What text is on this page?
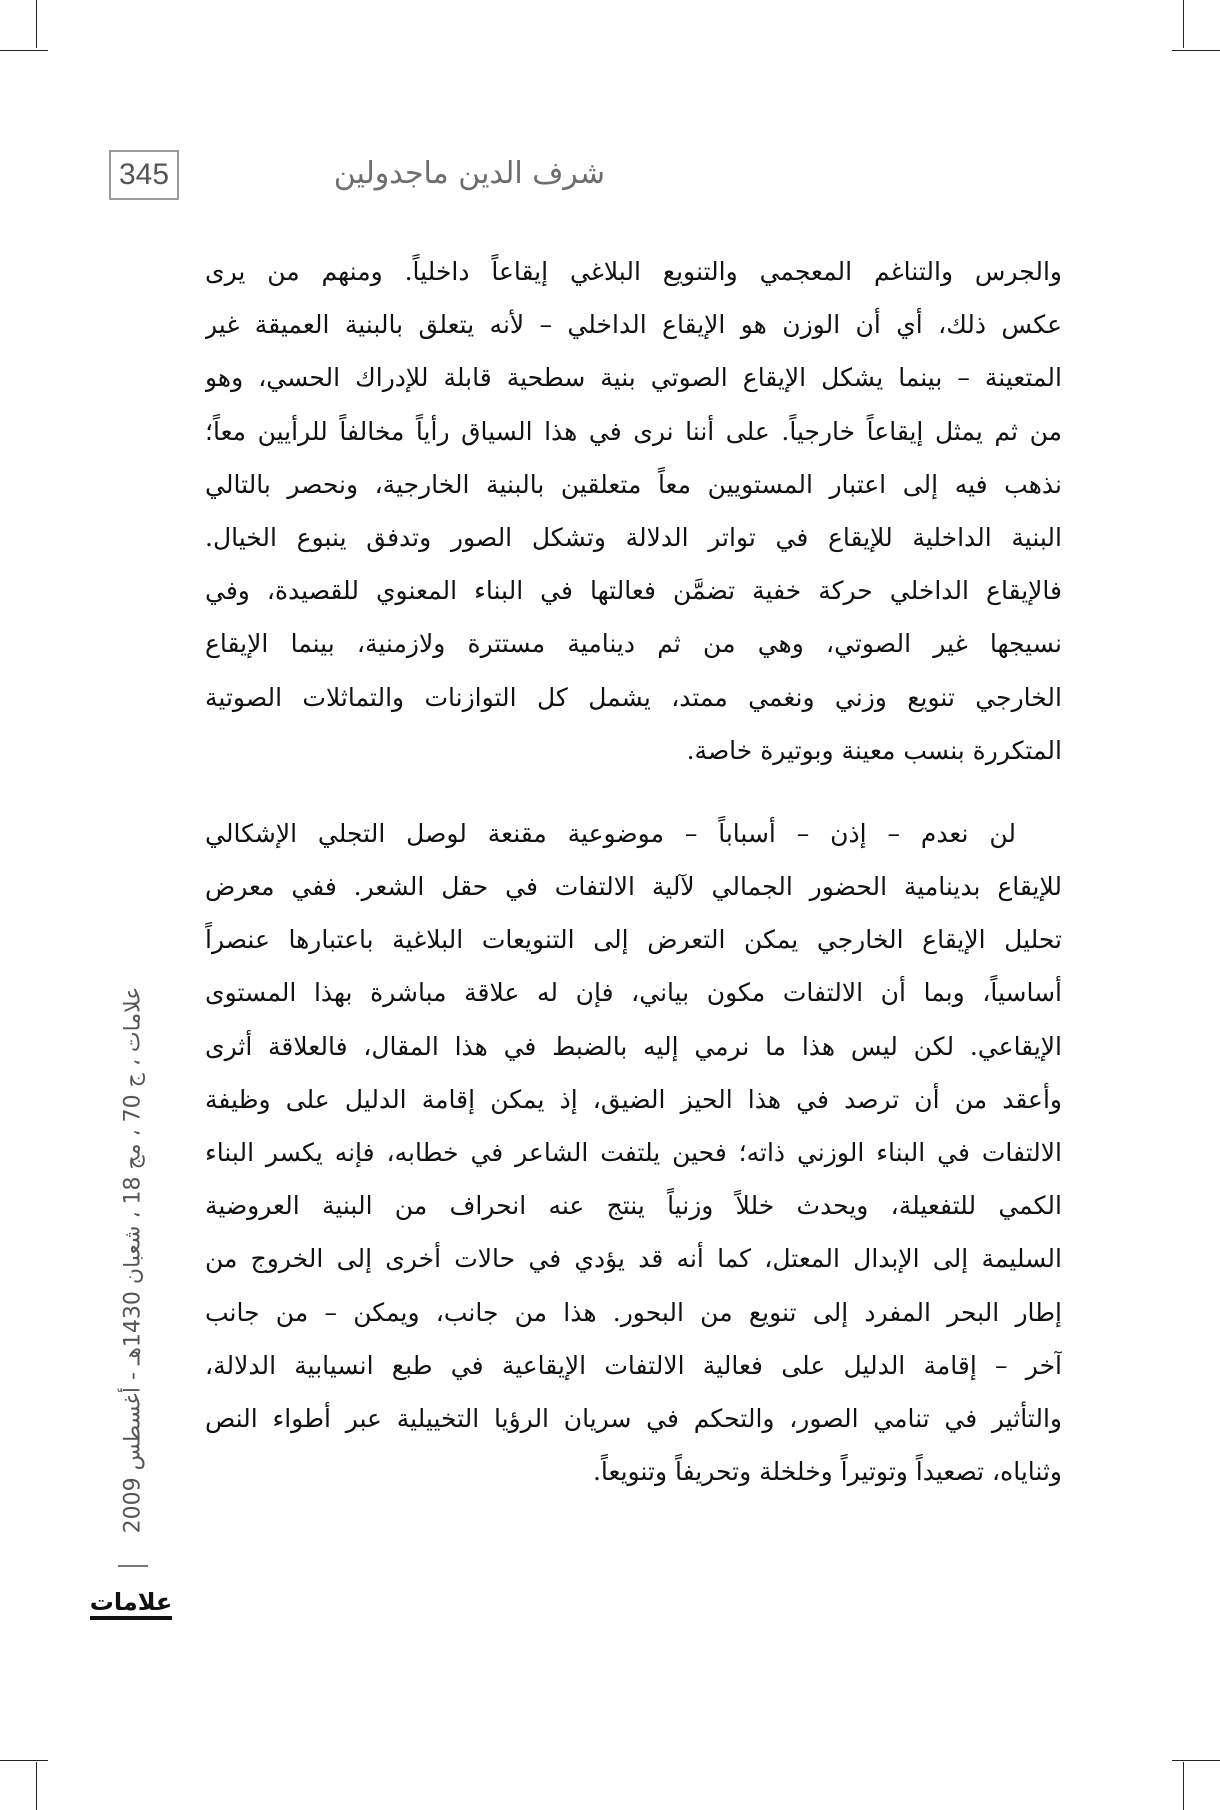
345	شرف الدين ماجدولين
والجرس والتناغم المعجمي والتنويع البلاغي إيقاعاً داخلياً. ومنهم من يرى
عكس ذلك، أي أن الوزن هو الإيقاع الداخلي – لأنه يتعلق بالبنية العميقة غير
المتعينة – بينما يشكل الإيقاع الصوتي بنية سطحية قابلة للإدراك الحسي، وهو
من ثم يمثل إيقاعاً خارجياً. على أننا نرى في هذا السياق رأياً مخالفاً للرأيين معاً؛
نذهب فيه إلى اعتبار المستويين معاً متعلقين بالبنية الخارجية، ونحصر بالتالي
البنية الداخلية للإيقاع في تواتر الدلالة وتشكل الصور وتدفق ينبوع الخيال.
فالإيقاع الداخلي حركة خفية تضمَّن فعالتها في البناء المعنوي للقصيدة، وفي
نسيجها غير الصوتي، وهي من ثم دينامية مستترة ولازمنية، بينما الإيقاع
الخارجي تنويع وزني ونغمي ممتد، يشمل كل التوازنات والتماثلات الصوتية
المتكررة بنسب معينة وبوتيرة خاصة.
لن نعدم – إذن – أسباباً – موضوعية مقنعة لوصل التجلي الإشكالي
للإيقاع بدينامية الحضور الجمالي لآلية الالتفات في حقل الشعر. ففي معرض
تحليل الإيقاع الخارجي يمكن التعرض إلى التنويعات البلاغية باعتبارها عنصراً
أساسياً، وبما أن الالتفات مكون بياني، فإن له علاقة مباشرة بهذا المستوى
الإيقاعي. لكن ليس هذا ما نرمي إليه بالضبط في هذا المقال، فالعلاقة أثرى
وأعقد من أن ترصد في هذا الحيز الضيق، إذ يمكن إقامة الدليل على وظيفة
الالتفات في البناء الوزني ذاته؛ فحين يلتفت الشاعر في خطابه، فإنه يكسر البناء
الكمي للتفعيلة، ويحدث خللاً وزنياً ينتج عنه انحراف من البنية العروضية
السليمة إلى الإبدال المعتل، كما أنه قد يؤدي في حالات أخرى إلى الخروج من
إطار البحر المفرد إلى تنويع من البحور. هذا من جانب، ويمكن – من جانب
آخر – إقامة الدليل على فعالية الالتفات الإيقاعية في طبع انسيابية الدلالة،
والتأثير في تنامي الصور، والتحكم في سريان الرؤيا التخييلية عبر أطواء النص
وثناياه، تصعيداً وتوتيراً وخلخلة وتحريفاً وتنويعاً.
علامات ، ج 70 ، مج 18 ، شعبان 1430هـ - أغسطس 2009
علامات
